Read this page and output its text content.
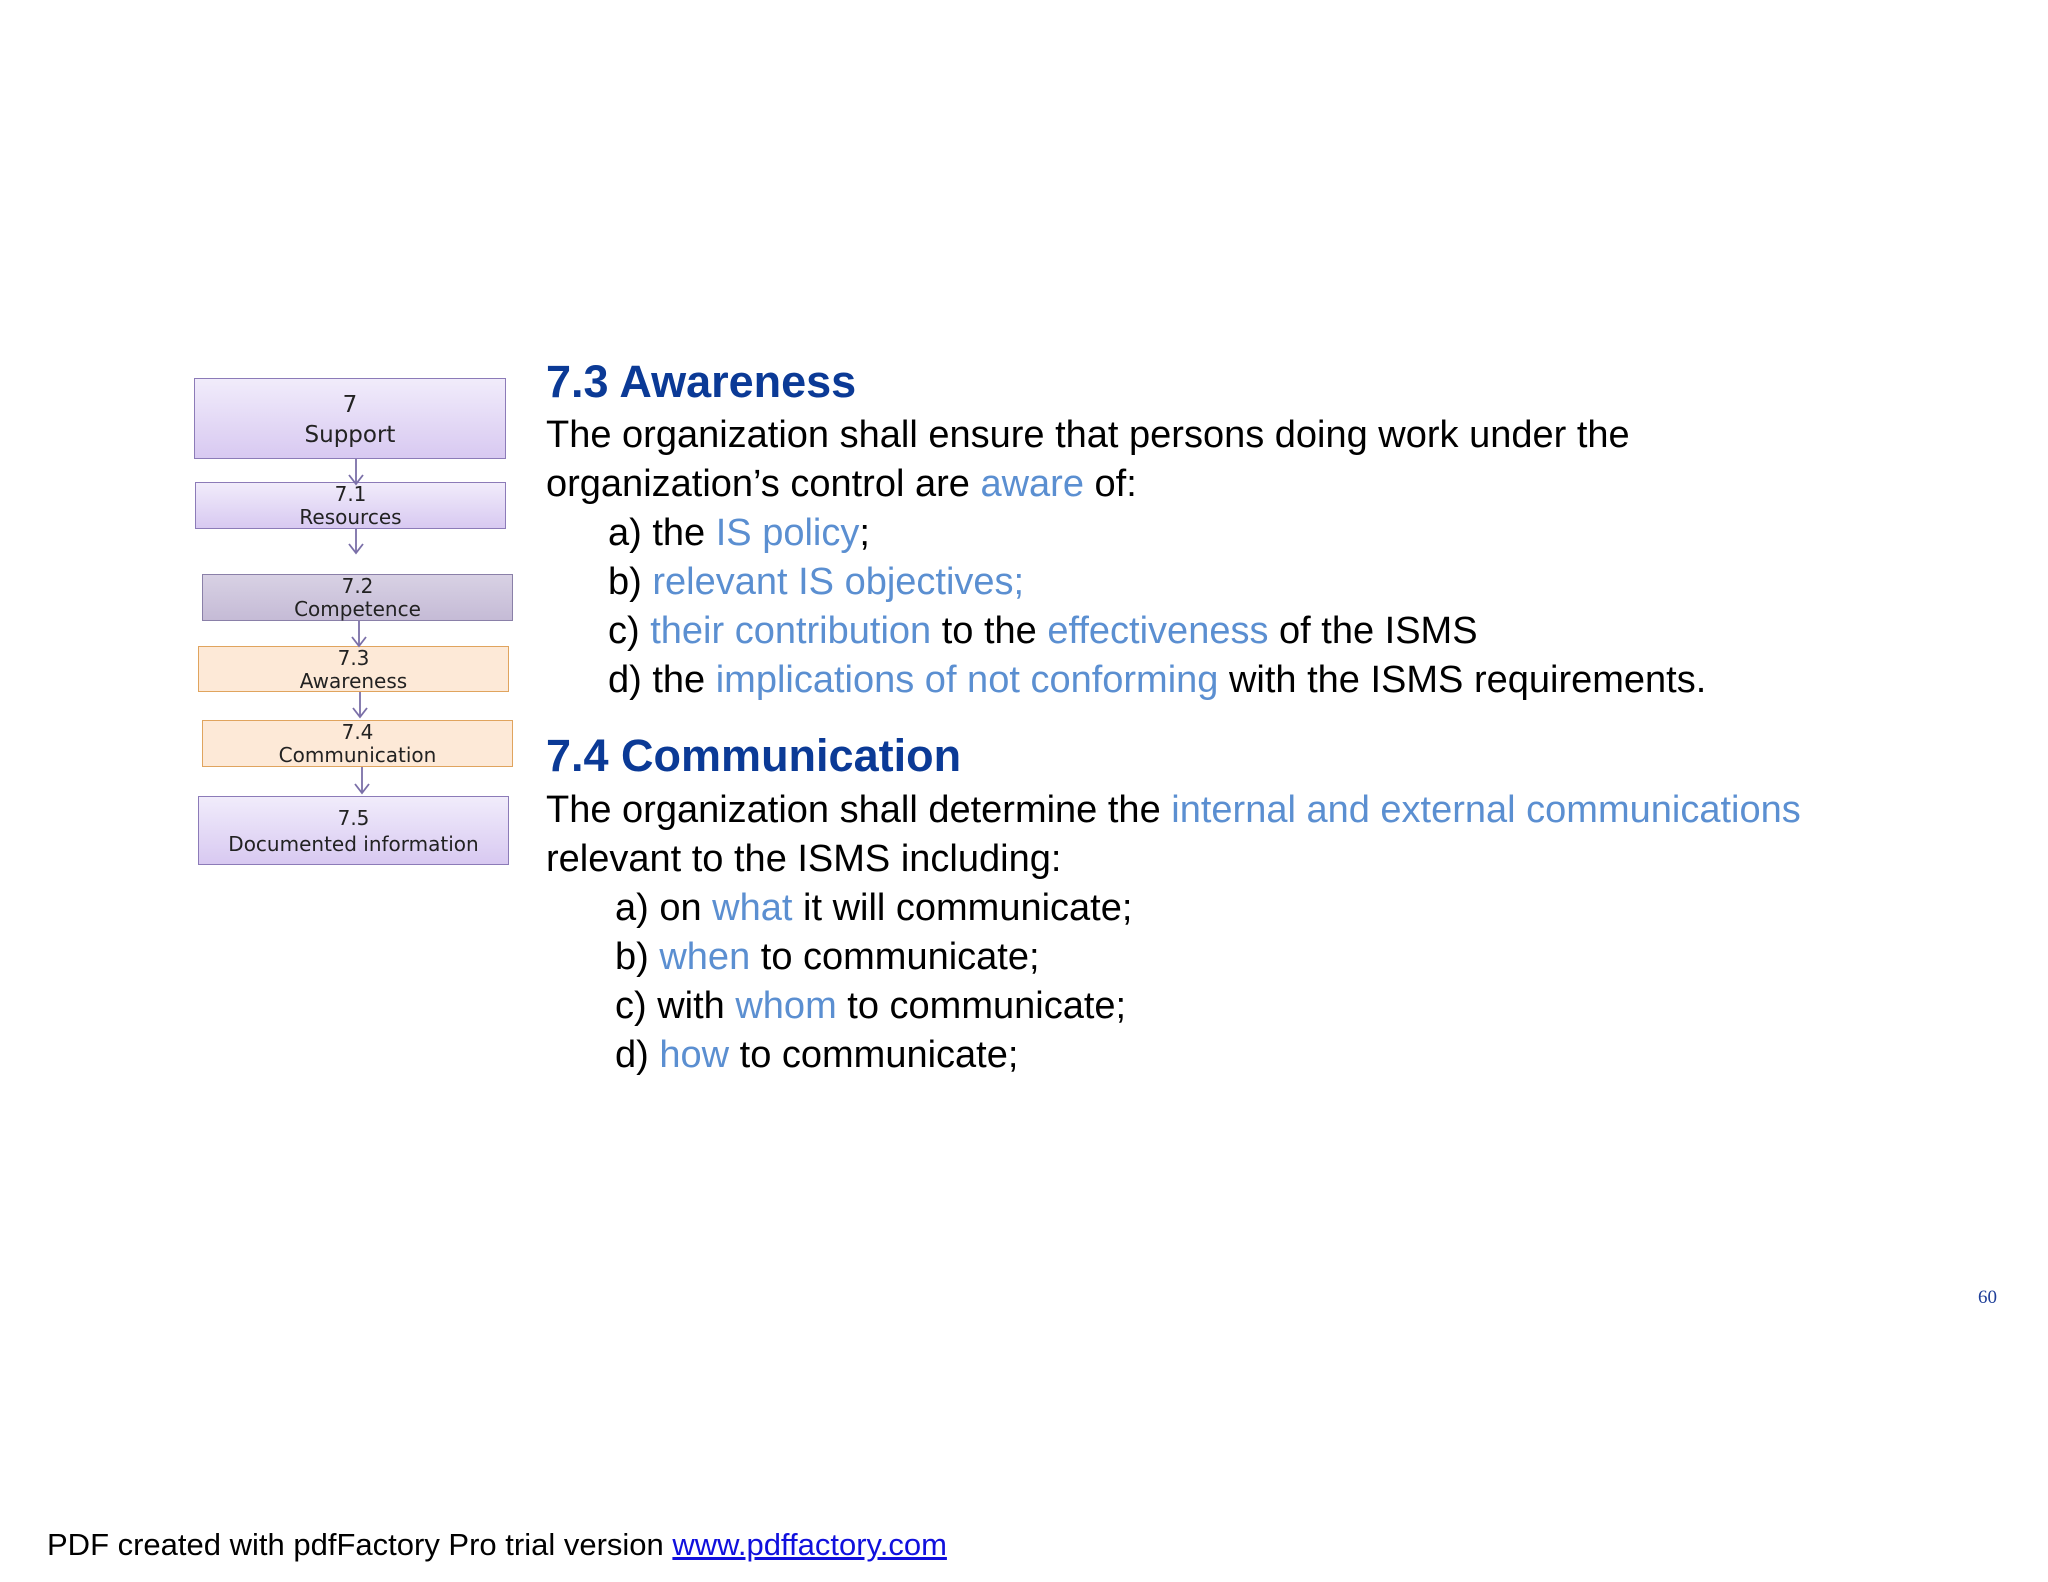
7
Support
7.1
Resources
7.2
Competence
7.3
Awareness
7.4
Communication
7.5
Documented information
7.3 Awareness
The organization shall ensure that persons doing work under the
organization’s control are aware of:
a) the IS policy;
b) relevant IS objectives;
c) their contribution to the effectiveness of the ISMS
d) the implications of not conforming with the ISMS requirements.
7.4 Communication
The organization shall determine the internal and external communications
relevant to the ISMS including:
a) on what it will communicate;
b) when to communicate;
c) with whom to communicate;
d) how to communicate;
60
PDF created with pdfFactory Pro trial version www.pdffactory.com
